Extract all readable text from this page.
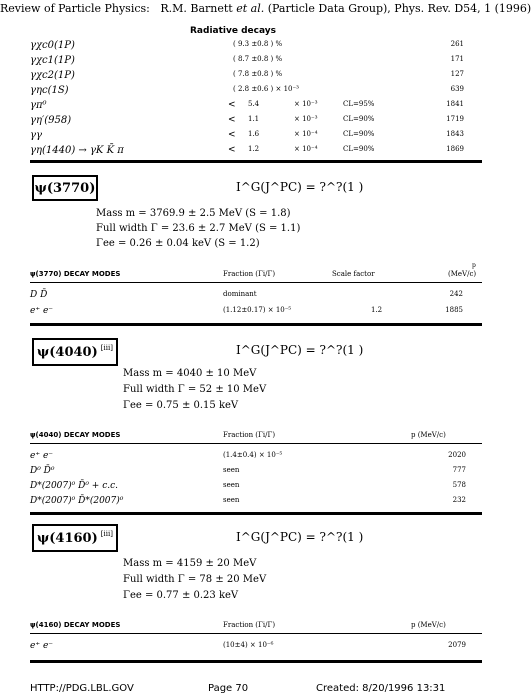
Review of Particle Physics: R.M. Barnett et al. (Particle Data Group), Phys. Rev. D54, 1 (1996)
Radiative decays
γχc0(1P)	( 9.3 ±0.8 ) %	261
γχc1(1P)	( 8.7 ±0.8 ) %	171
γχc2(1P)	( 7.8 ±0.8 ) %	127
γηc(1S)	( 2.8 ±0.6 ) × 10⁻³	639
γπ⁰	< 5.4	× 10⁻³	CL=95%	1841
γη′(958)	< 1.1	× 10⁻³	CL=90%	1719
γγ	< 1.6	× 10⁻⁴	CL=90%	1843
γη(1440) → γK K̄ π	< 1.2	× 10⁻⁴	CL=90%	1869
ψ(3770)	I^G(J^PC) = ?^?(1 )
Mass m = 3769.9 ± 2.5 MeV (S = 1.8)
Full width Γ = 23.6 ± 2.7 MeV (S = 1.1)
Γee = 0.26 ± 0.04 keV (S = 1.2)
p
ψ(3770) DECAY MODES	Fraction (Γi/Γ)	Scale factor	(MeV/c)
D D̄	dominant	242
e⁺ e⁻	(1.12±0.17) × 10⁻⁵	1.2	1885
ψ(4040) [iii]	I^G(J^PC) = ?^?(1 )
Mass m = 4040 ± 10 MeV
Full width Γ = 52 ± 10 MeV
Γee = 0.75 ± 0.15 keV
ψ(4040) DECAY MODES	Fraction (Γi/Γ)	p (MeV/c)
e⁺ e⁻	(1.4±0.4) × 10⁻⁵	2020
D⁰ D̄⁰	seen	777
D*(2007)⁰ D̄⁰ + c.c.	seen	578
D*(2007)⁰ D̄*(2007)⁰	seen	232
ψ(4160) [iii]	I^G(J^PC) = ?^?(1 )
Mass m = 4159 ± 20 MeV
Full width Γ = 78 ± 20 MeV
Γee = 0.77 ± 0.23 keV
ψ(4160) DECAY MODES	Fraction (Γi/Γ)	p (MeV/c)
e⁺ e⁻	(10±4) × 10⁻⁶	2079
HTTP://PDG.LBL.GOV	Page 70	Created: 8/20/1996 13:31
